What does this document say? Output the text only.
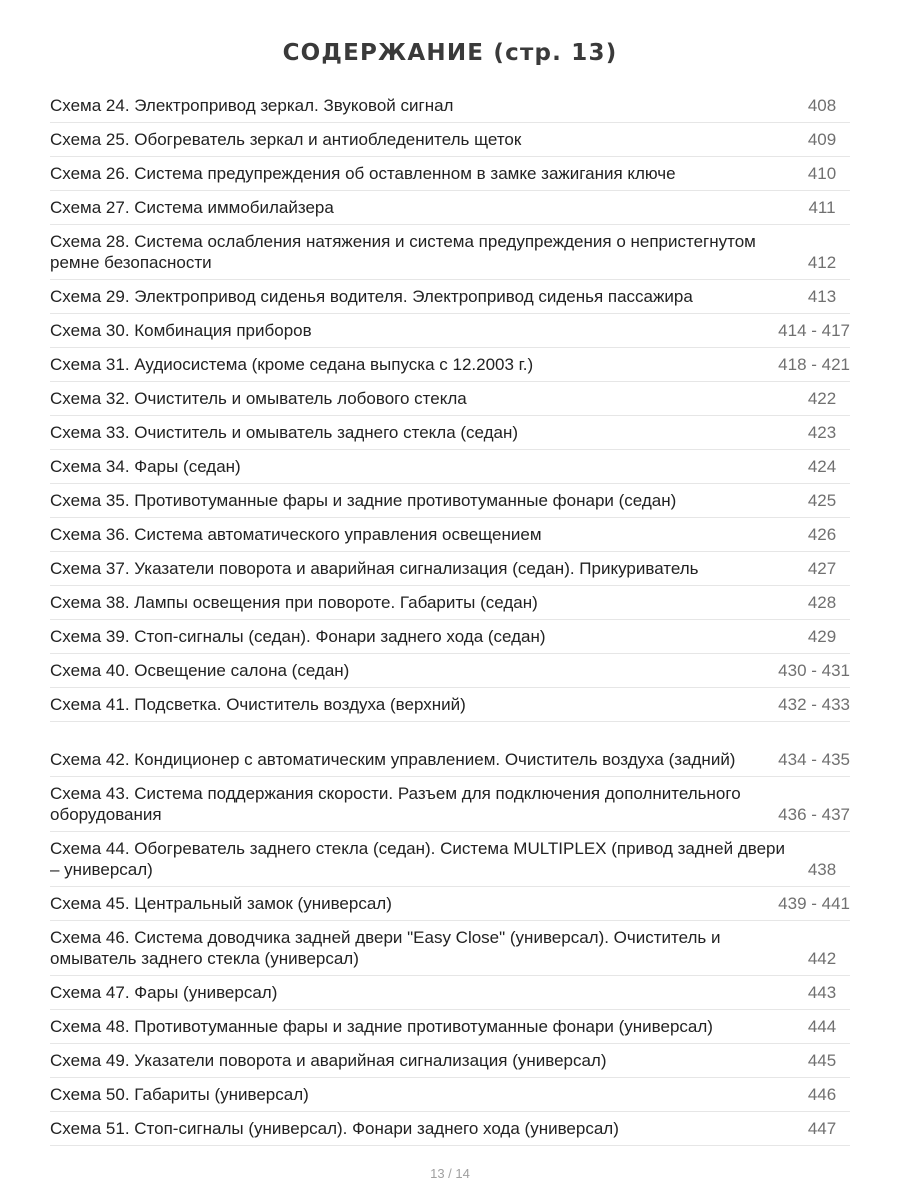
СОДЕРЖАНИЕ (стр. 13)
Схема 24. Электропривод зеркал. Звуковой сигнал	408
Схема 25. Обогреватель зеркал и антиобледенитель щеток	409
Схема 26. Система предупреждения об оставленном в замке зажигания ключе	410
Схема 27. Система иммобилайзера	411
Схема 28. Система ослабления натяжения и система предупреждения о непристегнутом ремне безопасности	412
Схема 29. Электропривод сиденья водителя. Электропривод сиденья пассажира	413
Схема 30. Комбинация приборов	414 - 417
Схема 31. Аудиосистема (кроме седана выпуска с 12.2003 г.)	418 - 421
Схема 32. Очиститель и омыватель лобового стекла	422
Схема 33. Очиститель и омыватель заднего стекла (седан)	423
Схема 34. Фары (седан)	424
Схема 35. Противотуманные фары и задние противотуманные фонари (седан)	425
Схема 36. Система автоматического управления освещением	426
Схема 37. Указатели поворота и аварийная сигнализация (седан). Прикуриватель	427
Схема 38. Лампы освещения при повороте. Габариты (седан)	428
Схема 39. Стоп-сигналы (седан). Фонари заднего хода (седан)	429
Схема 40. Освещение салона (седан)	430 - 431
Схема 41. Подсветка. Очиститель воздуха (верхний)	432 - 433
Схема 42. Кондиционер с автоматическим управлением. Очиститель воздуха (задний)	434 - 435
Схема 43. Система поддержания скорости. Разъем для подключения дополнительного оборудования	436 - 437
Схема 44. Обогреватель заднего стекла (седан). Система MULTIPLEX (привод задней двери – универсал)	438
Схема 45. Центральный замок (универсал)	439 - 441
Схема 46. Система доводчика задней двери "Easy Close" (универсал). Очиститель и омыватель заднего стекла (универсал)	442
Схема 47. Фары (универсал)	443
Схема 48. Противотуманные фары и задние противотуманные фонари (универсал)	444
Схема 49. Указатели поворота и аварийная сигнализация (универсал)	445
Схема 50. Габариты (универсал)	446
Схема 51. Стоп-сигналы (универсал). Фонари заднего хода (универсал)	447
13 / 14
